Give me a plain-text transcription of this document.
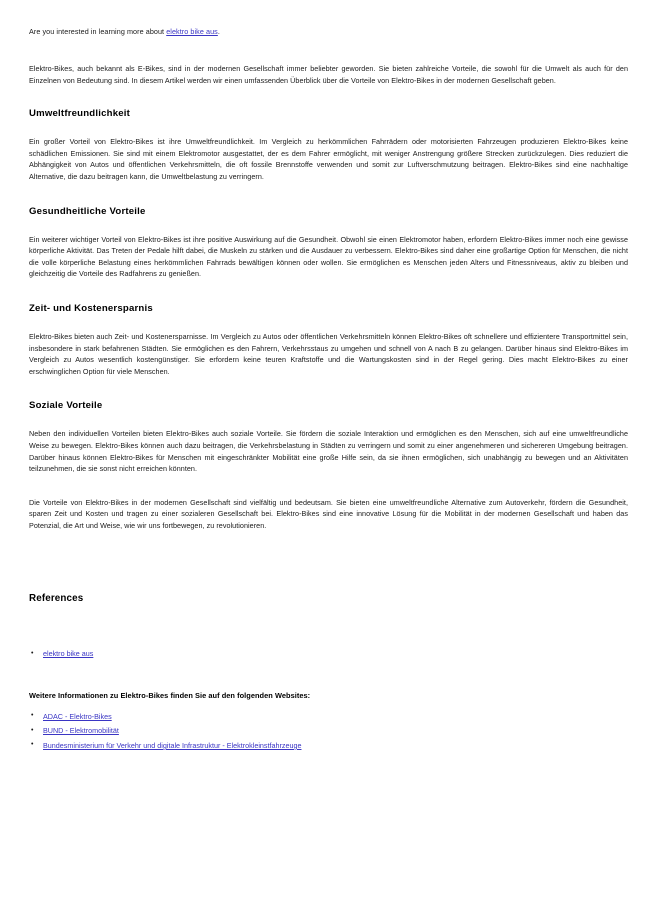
Are you interested in learning more about elektro bike aus.

Elektro-Bikes, auch bekannt als E-Bikes, sind in der modernen Gesellschaft immer beliebter geworden. Sie bieten zahlreiche Vorteile, die sowohl für die Umwelt als auch für den Einzelnen von Bedeutung sind. In diesem Artikel werden wir einen umfassenden Überblick über die Vorteile von Elektro-Bikes in der modernen Gesellschaft geben.

Umweltfreundlichkeit

Ein großer Vorteil von Elektro-Bikes ist ihre Umweltfreundlichkeit. Im Vergleich zu herkömmlichen Fahrrädern oder motorisierten Fahrzeugen produzieren Elektro-Bikes keine schädlichen Emissionen. Sie sind mit einem Elektromotor ausgestattet, der es dem Fahrer ermöglicht, mit weniger Anstrengung größere Strecken zurückzulegen. Dies reduziert die Abhängigkeit von Autos und öffentlichen Verkehrsmitteln, die oft fossile Brennstoffe verwenden und somit zur Luftverschmutzung beitragen. Elektro-Bikes sind eine nachhaltige Alternative, die dazu beitragen kann, die Umweltbelastung zu verringern.

Gesundheitliche Vorteile

Ein weiterer wichtiger Vorteil von Elektro-Bikes ist ihre positive Auswirkung auf die Gesundheit. Obwohl sie einen Elektromotor haben, erfordern Elektro-Bikes immer noch eine gewisse körperliche Aktivität. Das Treten der Pedale hilft dabei, die Muskeln zu stärken und die Ausdauer zu verbessern. Elektro-Bikes sind daher eine großartige Option für Menschen, die nicht die volle körperliche Belastung eines herkömmlichen Fahrrads bewältigen können oder wollen. Sie ermöglichen es Menschen jeden Alters und Fitnessniveaus, aktiv zu bleiben und gleichzeitig die Vorteile des Radfahrens zu genießen.

Zeit- und Kostenersparnis

Elektro-Bikes bieten auch Zeit- und Kostenersparnisse. Im Vergleich zu Autos oder öffentlichen Verkehrsmitteln können Elektro-Bikes oft schnellere und effizientere Transportmittel sein, insbesondere in stark befahrenen Städten. Sie ermöglichen es den Fahrern, Verkehrsstaus zu umgehen und schnell von A nach B zu gelangen. Darüber hinaus sind Elektro-Bikes im Vergleich zu Autos wesentlich kostengünstiger. Sie erfordern keine teuren Kraftstoffe und die Wartungskosten sind in der Regel gering. Dies macht Elektro-Bikes zu einer erschwinglichen Option für viele Menschen.

Soziale Vorteile

Neben den individuellen Vorteilen bieten Elektro-Bikes auch soziale Vorteile. Sie fördern die soziale Interaktion und ermöglichen es den Menschen, sich auf eine umweltfreundliche Weise zu bewegen. Elektro-Bikes können auch dazu beitragen, die Verkehrsbelastung in Städten zu verringern und somit zu einer angenehmeren und sichereren Umgebung beitragen. Darüber hinaus können Elektro-Bikes für Menschen mit eingeschränkter Mobilität eine große Hilfe sein, da sie ihnen ermöglichen, sich unabhängig zu bewegen und an Aktivitäten teilzunehmen, die sie sonst nicht erreichen könnten.

Die Vorteile von Elektro-Bikes in der modernen Gesellschaft sind vielfältig und bedeutsam. Sie bieten eine umweltfreundliche Alternative zum Autoverkehr, fördern die Gesundheit, sparen Zeit und Kosten und tragen zu einer sozialeren Gesellschaft bei. Elektro-Bikes sind eine innovative Lösung für die Mobilität in der modernen Gesellschaft und haben das Potenzial, die Art und Weise, wie wir uns fortbewegen, zu revolutionieren.

References
• elektro bike aus

Weitere Informationen zu Elektro-Bikes finden Sie auf den folgenden Websites:

• ADAC - Elektro-Bikes
• BUND - Elektromobilität
• Bundesministerium für Verkehr und digitale Infrastruktur - Elektrokleinstfahrzeuge
